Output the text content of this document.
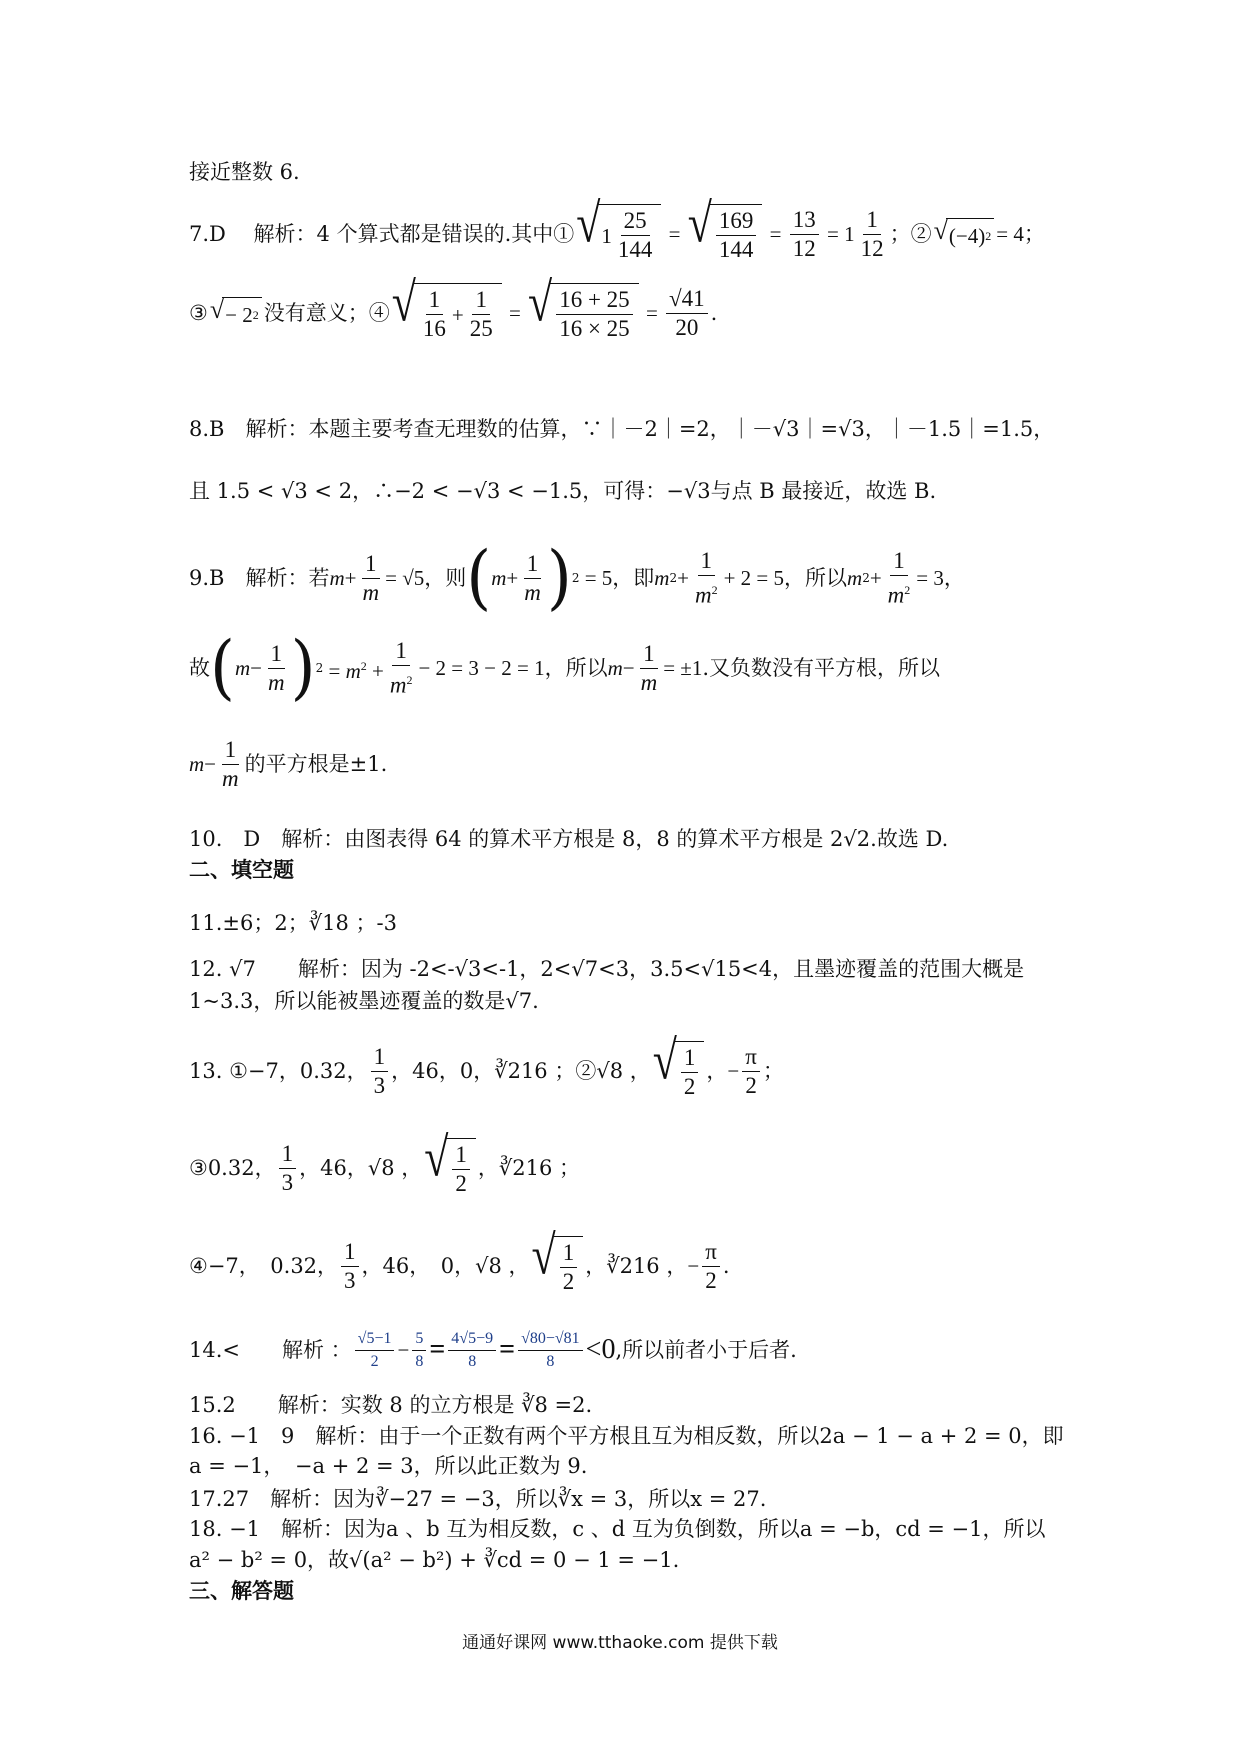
接近整数 6.
7.D　 解析：4 个算式都是错误的.其中① √ $1 \frac{25}{144}$ = √ $\frac{169}{144} = \frac{13}{12} = 1 \frac{1}{12}$ ；② √ (−4) 2 = 4；
③ √ − 2 2 没有意义；④ √ $\frac{1}{16} + \frac{1}{25}$ = √ $\frac{16 + 25}{16 \times 25} = \frac{√41}{20}$ .
8.B　解析：本题主要考查无理数的估算，∵｜－2｜=2，｜－√3｜=√3，｜－1.5｜=1.5，
且 1.5 < √3 < 2，∴−2 < −√3 < −1.5，可得：−√3与点 B 最接近，故选 B.
9.B　解析：若 $m + \frac{1}{m} = √5$ ，则 ( $m + \frac{1}{m}$ ) 2 = 5 ，即 m $2 + \frac{1}{m^2} + 2 = 5$ ，所以 m $2 + \frac{1}{m^2} = 3$，
故 ( $m - \frac{1}{m}$ ) $2 = m^2 + \frac{1}{m^2} - 2 = 3 - 2 = 1$ ，所以 $m - \frac{1}{m} = \pm 1$ .又负数没有平方根，所以
$m - \frac{1}{m}$ 的平方根是±1.
10.　D　解析：由图表得 64 的算术平方根是 8，8 的算术平方根是 2√2.故选 D.
二、填空题
11.±6；2；∛18 ；-3
12. √7　　解析：因为 -2<-√3<-1，2<√7<3，3.5<√15<4，且墨迹覆盖的范围大概是
1~3.3，所以能被墨迹覆盖的数是√7.
13. ①−7，0.32， $\frac{1}{3}$ ，46，0，∛216 ；②√8 ， √ $\frac{1}{2}$ ， − $\frac{\pi}{2}$ ；
③0.32， $\frac{1}{3}$ ，46，√8 ， √ $\frac{1}{2}$ ，∛216 ；
④−7，　0.32， $\frac{1}{3}$ ，46，　0，√8 ， √ $\frac{1}{2}$ ，∛216 ， − $\frac{\pi}{2}$ .
14.<　　解析 ： $\frac{√5-1}{2} - \frac{5}{8} = \frac{4√5-9}{8} = \frac{√80-√81}{8} <0$ ,所以前者小于后者.
15.2　　解析：实数 8 的立方根是 ∛8 =2.
16. −1　9　解析：由于一个正数有两个平方根且互为相反数，所以2a − 1 − a + 2 = 0，即
a = −1，　−a + 2 = 3，所以此正数为 9.
17.27　解析：因为∛−27 = −3，所以∛x = 3，所以x = 27.
18. −1　解析：因为a 、b 互为相反数，c 、d 互为负倒数，所以a = −b，cd = −1，所以
a² − b² = 0，故√(a² − b²) + ∛cd = 0 − 1 = −1.
三、解答题
通通好课网 www.tthaoke.com 提供下载
